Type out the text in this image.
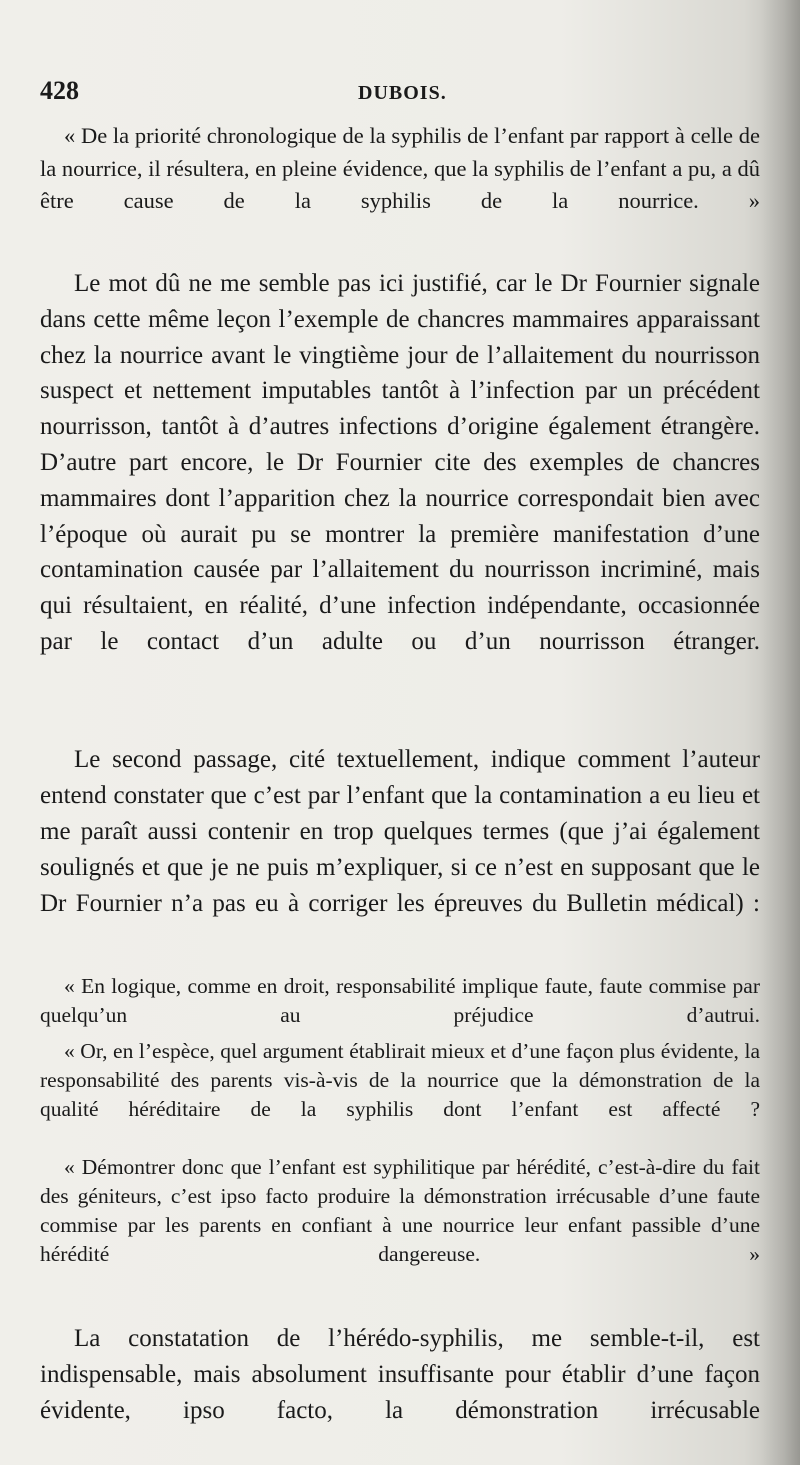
428	DUBOIS.

« De la priorité chronologique de la syphilis de l’enfant par rapport à celle de la nourrice, il résultera, en pleine évidence, que la syphilis de l’enfant a pu, a dû être cause de la syphilis de la nourrice. »

Le mot dû ne me semble pas ici justifié, car le Dr Fournier signale dans cette même leçon l’exemple de chancres mammaires apparaissant chez la nourrice avant le vingtième jour de l’allaitement du nourrisson suspect et nettement imputables tantôt à l’infection par un précédent nourrisson, tantôt à d’autres infections d’origine également étrangère. D’autre part encore, le Dr Fournier cite des exemples de chancres mammaires dont l’apparition chez la nourrice correspondait bien avec l’époque où aurait pu se montrer la première manifestation d’une contamination causée par l’allaitement du nourrisson incriminé, mais qui résultaient, en réalité, d’une infection indépendante, occasionnée par le contact d’un adulte ou d’un nourrisson étranger.

Le second passage, cité textuellement, indique comment l’auteur entend constater que c’est par l’enfant que la contamination a eu lieu et me paraît aussi contenir en trop quelques termes (que j’ai également soulignés et que je ne puis m’expliquer, si ce n’est en supposant que le Dr Fournier n’a pas eu à corriger les épreuves du Bulletin médical) :

« En logique, comme en droit, responsabilité implique faute, faute commise par quelqu’un au préjudice d’autrui.

« Or, en l’espèce, quel argument établirait mieux et d’une façon plus évidente, la responsabilité des parents vis-à-vis de la nourrice que la démonstration de la qualité héréditaire de la syphilis dont l’enfant est affecté ?

« Démontrer donc que l’enfant est syphilitique par hérédité, c’est-à-dire du fait des géniteurs, c’est ipso facto produire la démonstration irrécusable d’une faute commise par les parents en confiant à une nourrice leur enfant passible d’une hérédité dangereuse. »

La constatation de l’hérédo-syphilis, me semble-t-il, est indispensable, mais absolument insuffisante pour établir d’une façon évidente, ipso facto, la démonstration irrécusable
